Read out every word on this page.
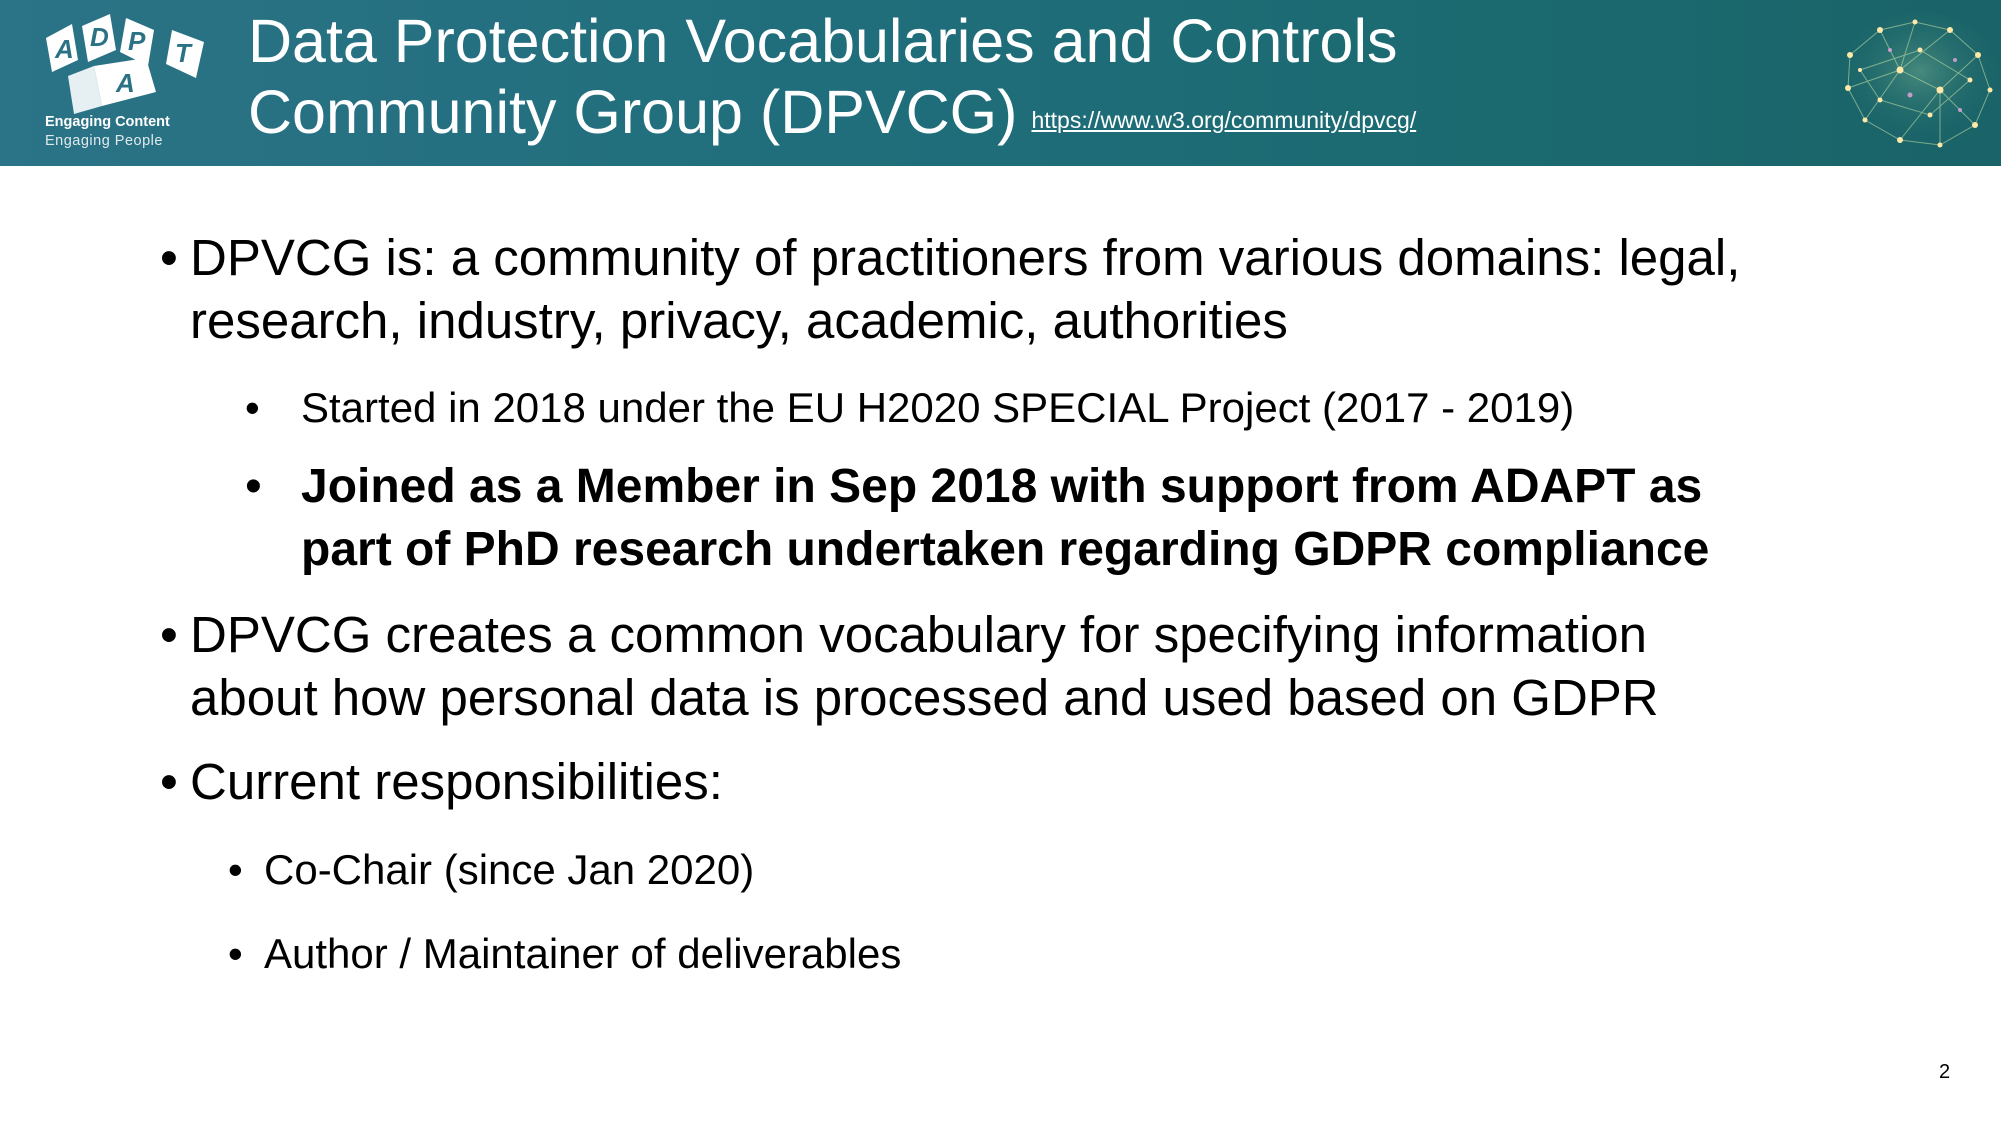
A D P T
A
Engaging Content
Engaging People
Data Protection Vocabularies and Controls
Community Group (DPVCG) https://www.w3.org/community/dpvcg/
• DPVCG is: a community of practitioners from various domains: legal,
research, industry, privacy, academic, authorities
• Started in 2018 under the EU H2020 SPECIAL Project (2017 - 2019)
• Joined as a Member in Sep 2018 with support from ADAPT as
part of PhD research undertaken regarding GDPR compliance
• DPVCG creates a common vocabulary for specifying information
about how personal data is processed and used based on GDPR
• Current responsibilities:
• Co-Chair (since Jan 2020)
• Author / Maintainer of deliverables
2
